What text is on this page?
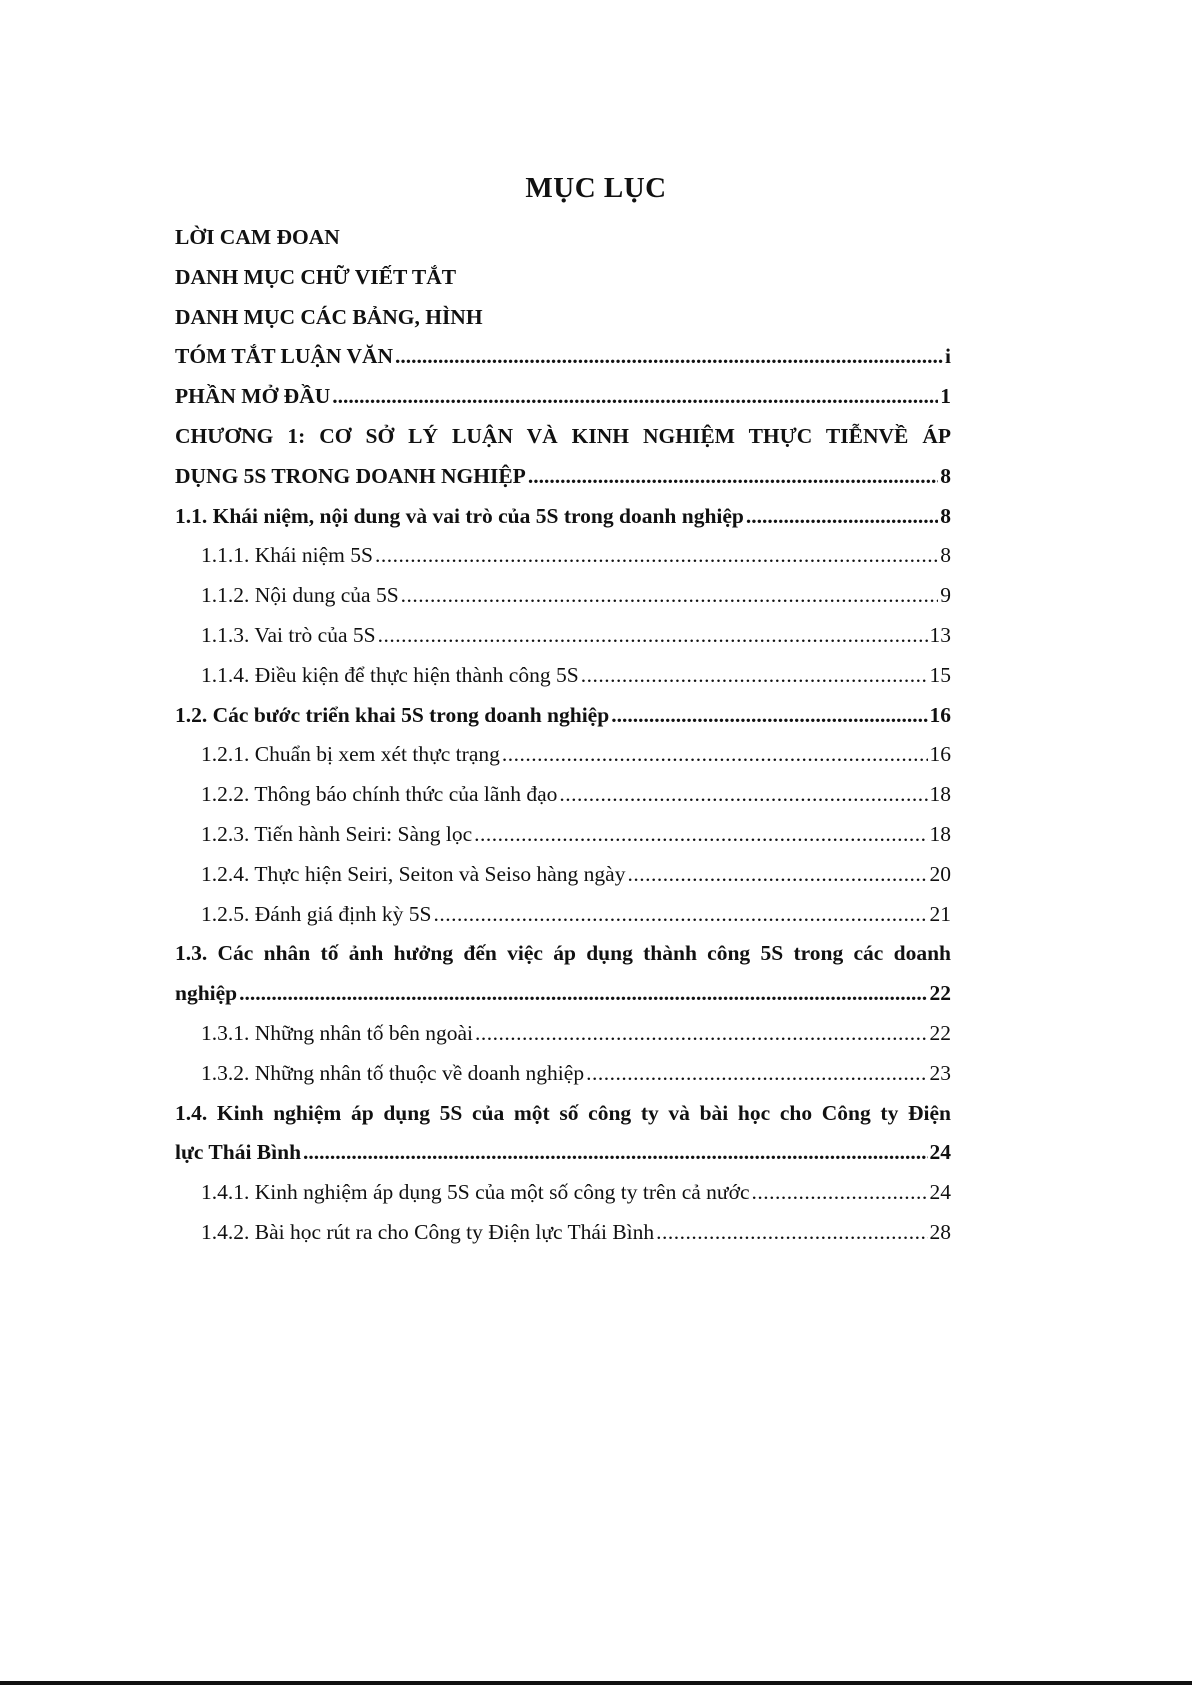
MỤC LỤC
LỜI CAM ĐOAN
DANH MỤC CHỮ VIẾT TẮT
DANH MỤC CÁC BẢNG, HÌNH
TÓM TẮT LUẬN VĂN .....	i
PHẦN MỞ ĐẦU .....	1
CHƯƠNG 1: CƠ SỞ LÝ LUẬN VÀ KINH NGHIỆM THỰC TIỄNVỀ ÁP
DỤNG 5S TRONG DOANH NGHIỆP .....	8
1.1. Khái niệm, nội dung và vai trò của 5S trong doanh nghiệp .....	8
1.1.1. Khái niệm 5S .....	8
1.1.2. Nội dung của 5S .....	9
1.1.3. Vai trò của 5S .....	13
1.1.4. Điều kiện để thực hiện thành công 5S .....	15
1.2. Các bước triển khai 5S trong doanh nghiệp .....	16
1.2.1. Chuẩn bị xem xét thực trạng .....	16
1.2.2. Thông báo chính thức của lãnh đạo .....	18
1.2.3. Tiến hành Seiri: Sàng lọc .....	18
1.2.4. Thực hiện Seiri, Seiton và Seiso hàng ngày .....	20
1.2.5. Đánh giá định kỳ 5S .....	21
1.3. Các nhân tố ảnh hưởng đến việc áp dụng thành công 5S trong các doanh
nghiệp .....	22
1.3.1. Những nhân tố bên ngoài .....	22
1.3.2. Những nhân tố thuộc về doanh nghiệp .....	23
1.4. Kinh nghiệm áp dụng 5S của một số công ty và bài học cho Công ty Điện
lực Thái Bình .....	24
1.4.1. Kinh nghiệm áp dụng 5S của một số công ty trên cả nước .....	24
1.4.2. Bài học rút ra cho Công ty Điện lực Thái Bình .....	28
